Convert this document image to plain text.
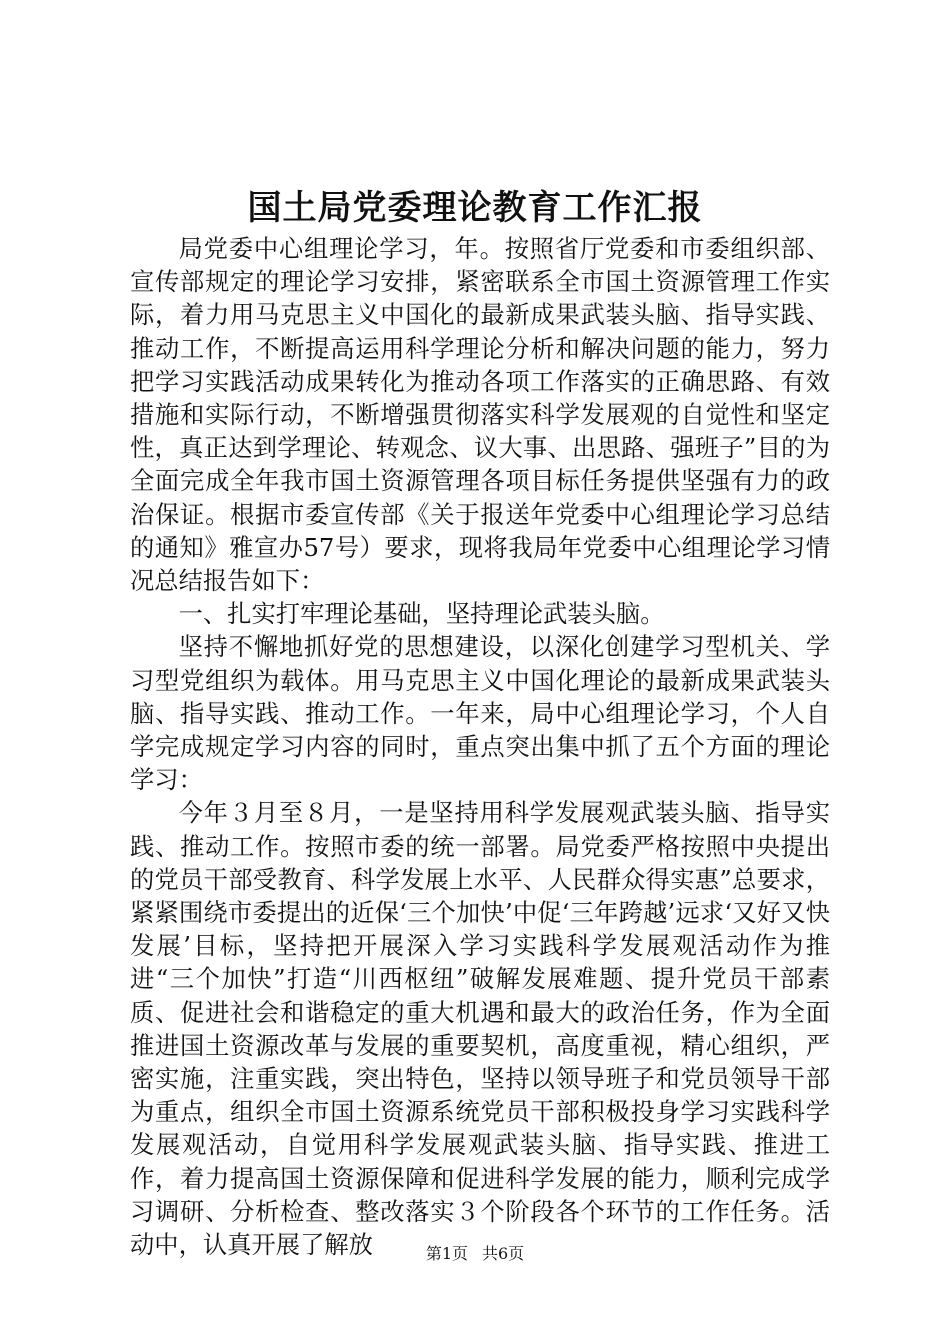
国土局党委理论教育工作汇报

局党委中心组理论学习，年。按照省厅党委和市委组织部、宣传部规定的理论学习安排，紧密联系全市国土资源管理工作实际，着力用马克思主义中国化的最新成果武装头脑、指导实践、推动工作，不断提高运用科学理论分析和解决问题的能力，努力把学习实践活动成果转化为推动各项工作落实的正确思路、有效措施和实际行动，不断增强贯彻落实科学发展观的自觉性和坚定性，真正达到学理论、转观念、议大事、出思路、强班子”目的为全面完成全年我市国土资源管理各项目标任务提供坚强有力的政治保证。根据市委宣传部《关于报送年党委中心组理论学习总结的通知》雅宣办57号）要求，现将我局年党委中心组理论学习情况总结报告如下：

一、扎实打牢理论基础，坚持理论武装头脑。

坚持不懈地抓好党的思想建设，以深化创建学习型机关、学习型党组织为载体。用马克思主义中国化理论的最新成果武装头脑、指导实践、推动工作。一年来，局中心组理论学习，个人自学完成规定学习内容的同时，重点突出集中抓了五个方面的理论学习：

今年３月至８月，一是坚持用科学发展观武装头脑、指导实践、推动工作。按照市委的统一部署。局党委严格按照中央提出的党员干部受教育、科学发展上水平、人民群众得实惠”总要求，紧紧围绕市委提出的近保‘三个加快’中促‘三年跨越’远求‘又好又快发展’目标，坚持把开展深入学习实践科学发展观活动作为推进“三个加快”打造“川西枢纽”破解发展难题、提升党员干部素质、促进社会和谐稳定的重大机遇和最大的政治任务，作为全面推进国土资源改革与发展的重要契机，高度重视，精心组织，严密实施，注重实践，突出特色，坚持以领导班子和党员领导干部为重点，组织全市国土资源系统党员干部积极投身学习实践科学发展观活动，自觉用科学发展观武装头脑、指导实践、推进工作，着力提高国土资源保障和促进科学发展的能力，顺利完成学习调研、分析检查、整改落实３个阶段各个环节的工作任务。活动中，认真开展了解放	第1页 共6页
